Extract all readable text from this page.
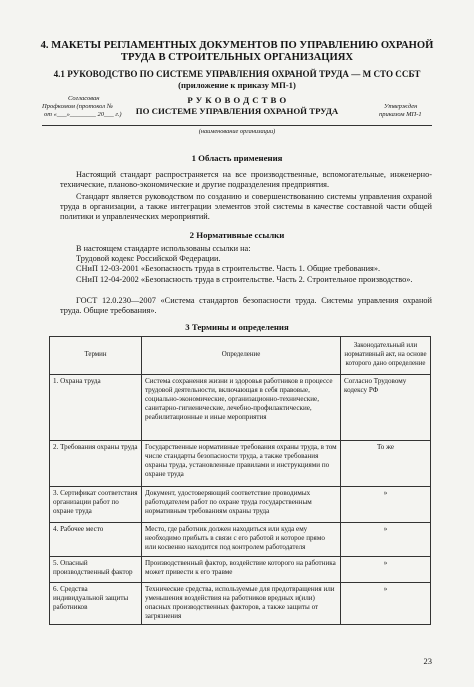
4. МАКЕТЫ РЕГЛАМЕНТНЫХ ДОКУМЕНТОВ ПО УПРАВЛЕНИЮ ОХРАНОЙ ТРУДА В СТРОИТЕЛЬНЫХ ОРГАНИЗАЦИЯХ
4.1 РУКОВОДСТВО ПО СИСТЕМЕ УПРАВЛЕНИЯ ОХРАНОЙ ТРУДА — М СТО ССБТ
(приложение к приказу МП-1)
Согласован
Профкомом (протокол №
от «___»________ 20___ г.)
Р У К О В О Д С Т В О
ПО СИСТЕМЕ УПРАВЛЕНИЯ ОХРАНОЙ ТРУДА	Утвержден
приказом МП-1
(наименование организации)
1 Область применения
Настоящий стандарт распространяется на все производственные, вспомогательные, инженерно-технические, планово-экономические и другие подразделения предприятия.
Стандарт является руководством по созданию и совершенствованию системы управления охраной труда в организации, а также интеграции элементов этой системы в качестве составной части общей политики и управленческих мероприятий.
2 Нормативные ссылки
В настоящем стандарте использованы ссылки на:
Трудовой кодекс Российской Федерации.
СНиП 12-03-2001 «Безопасность труда в строительстве. Часть 1. Общие требования».
СНиП 12-04-2002 «Безопасность труда в строительстве. Часть 2. Строительное производство».
ГОСТ 12.0.230—2007 «Система стандартов безопасности труда. Системы управления охраной труда. Общие требования».
3 Термины и определения
Термин	Определение	Законодательный или нормативный акт, на основе которого дано определение
1. Охрана труда	Система сохранения жизни и здоровья работников в процессе трудовой деятельности, включающая в себя правовые, социально-экономические, организационно-технические, санитарно-гигиенические, лечебно-профилактические, реабилитационные и иные мероприятия	Согласно Трудовому кодексу РФ
2. Требования охраны труда	Государственные нормативные требования охраны труда, в том числе стандарты безопасности труда, а также требования охраны труда, установленные правилами и инструкциями по охране труда	То же
3. Сертификат соответствия организации работ по охране труда	Документ, удостоверяющий соответствие проводимых работодателем работ по охране труда государственным нормативным требованиям охраны труда	»
4. Рабочее место	Место, где работник должен находиться или куда ему необходимо прибыть в связи с его работой и которое прямо или косвенно находится под контролем работодателя	»
5. Опасный производственный фактор	Производственный фактор, воздействие которого на работника может привести к его травме	»
6. Средства индивидуальной защиты работников	Технические средства, используемые для предотвращения или уменьшения воздействия на работников вредных и(или) опасных производственных факторов, а также защиты от загрязнения	»
23
